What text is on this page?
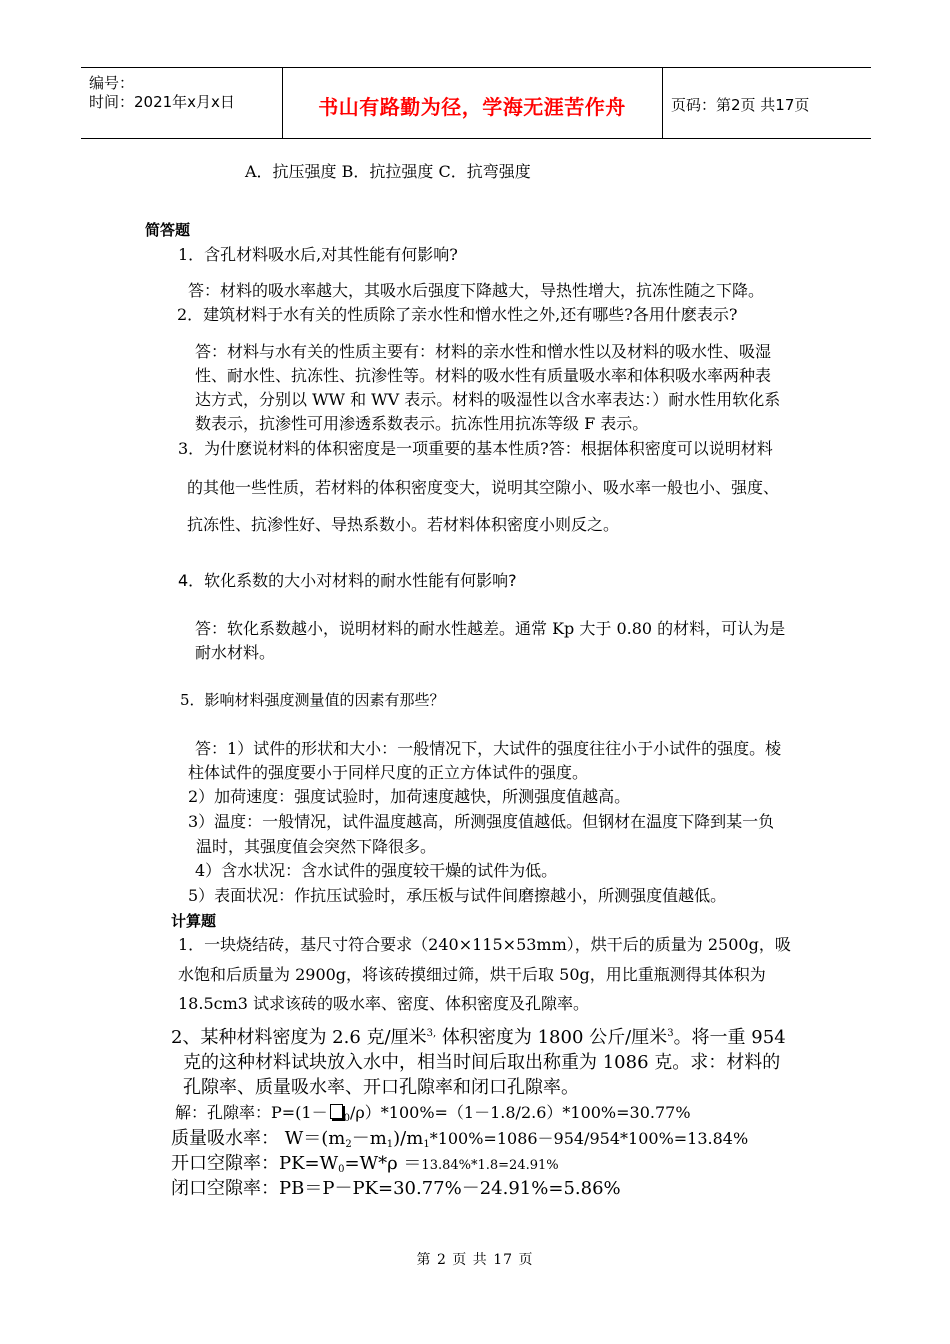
编号：
时间：2021年x月x日	书山有路勤为径，学海无涯苦作舟	页码：第2页 共17页
A．抗压强度 B．抗拉强度 C．抗弯强度
简答题
1．含孔材料吸水后,对其性能有何影响?
答：材料的吸水率越大，其吸水后强度下降越大，导热性增大，抗冻性随之下降。
2．建筑材料于水有关的性质除了亲水性和憎水性之外,还有哪些?各用什麽表示?
答：材料与水有关的性质主要有：材料的亲水性和憎水性以及材料的吸水性、吸湿
性、耐水性、抗冻性、抗渗性等。材料的吸水性有质量吸水率和体积吸水率两种表
达方式，分别以 WW 和 WV 表示。材料的吸湿性以含水率表达：）耐水性用软化系
数表示，抗渗性可用渗透系数表示。抗冻性用抗冻等级 F 表示。
3．为什麽说材料的体积密度是一项重要的基本性质?答：根据体积密度可以说明材料
的其他一些性质，若材料的体积密度变大，说明其空隙小、吸水率一般也小、强度、
抗冻性、抗渗性好、导热系数小。若材料体积密度小则反之。
4．软化系数的大小对材料的耐水性能有何影响?
答：软化系数越小，说明材料的耐水性越差。通常 Kp 大于 0.80 的材料，可认为是
耐水材料。
5．影响材料强度测量值的因素有那些？
答：1）试件的形状和大小：一般情况下，大试件的强度往往小于小试件的强度。棱
柱体试件的强度要小于同样尺度的正立方体试件的强度。
2）加荷速度：强度试验时，加荷速度越快，所测强度值越高。
3）温度：一般情况，试件温度越高，所测强度值越低。但钢材在温度下降到某一负
温时，其强度值会突然下降很多。
4）含水状况：含水试件的强度较干燥的试件为低。
5）表面状况：作抗压试验时，承压板与试件间磨擦越小，所测强度值越低。
计算题
1．一块烧结砖，基尺寸符合要求（240×115×53mm），烘干后的质量为 2500g，吸
水饱和后质量为 2900g，将该砖摸细过筛，烘干后取 50g，用比重瓶测得其体积为
18.5cm3 试求该砖的吸水率、密度、体积密度及孔隙率。
2、某种材料密度为 2.6 克/厘米$^{3,}$ 体积密度为 1800 公斤/厘米$^3$。将一重 954
克的这种材料试块放入水中，相当时间后取出称重为 1086 克。求：材料的
孔隙率、质量吸水率、开口孔隙率和闭口孔隙率。
解：孔隙率：P=(1－ $_0$/ρ）*100%=（1－1.8/2.6）*100%=30.77%
质量吸水率： $W=(m_2-m_1)/m_1*100\%=1086-954/954*100\%=13.84\%$
开口空隙率：$PK=W_0=W*\rho =13.84\%*1.8=24.91\%$
闭口空隙率：PB＝P－PK=30.77%－24.91%=5.86%
第 2 页 共 17 页
